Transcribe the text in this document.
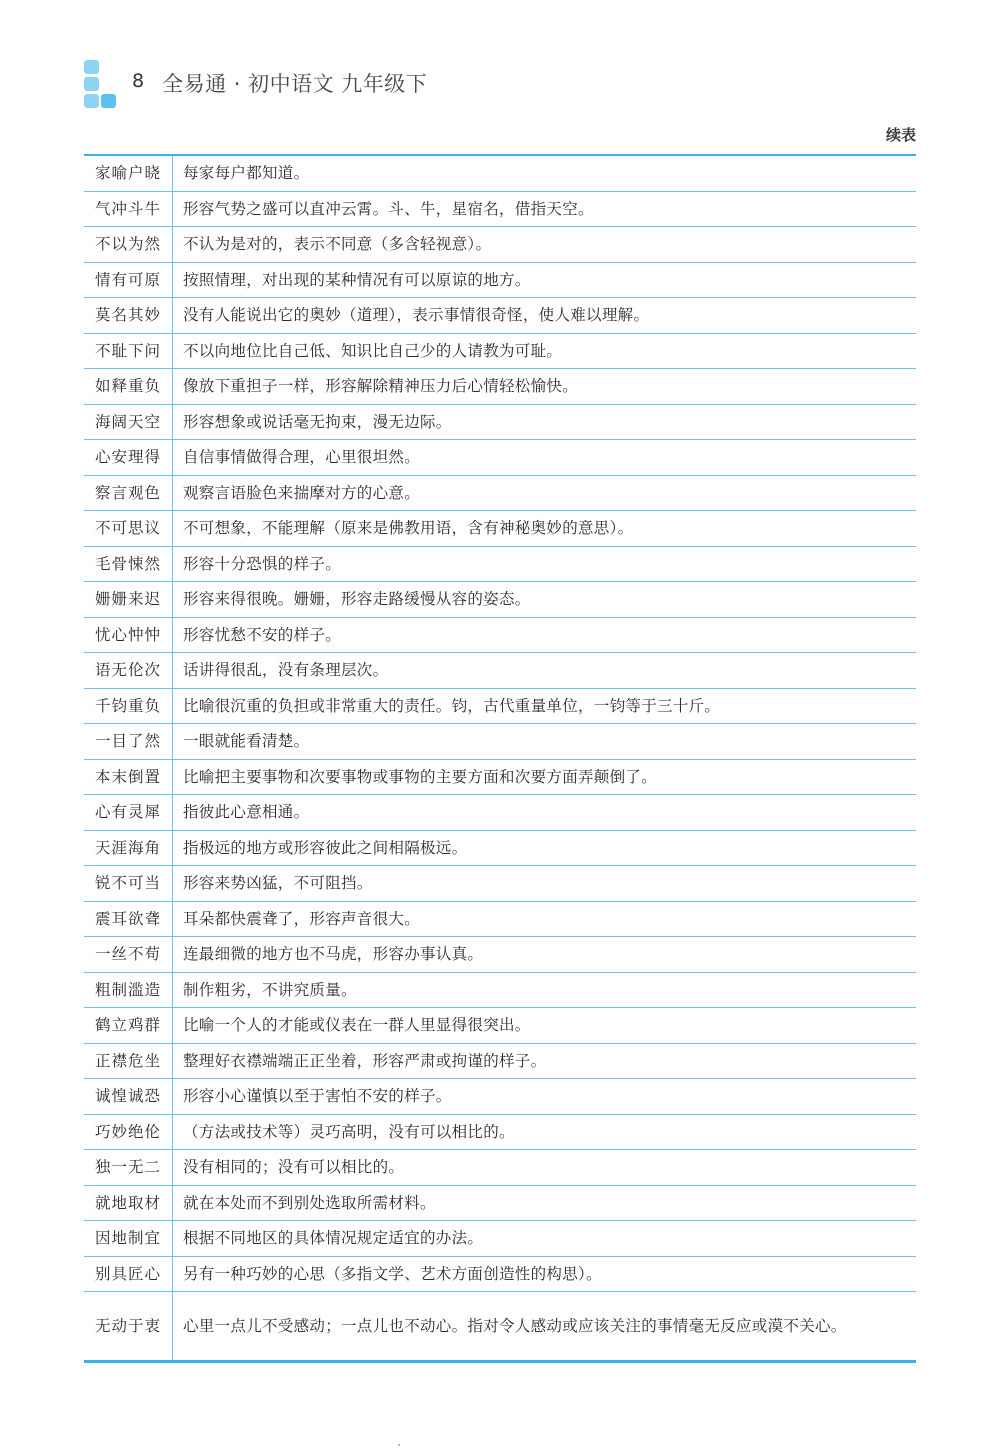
8 全易通 · 初中语文 九年级下
续表
家喻户晓	每家每户都知道。
气冲斗牛	形容气势之盛可以直冲云霄。斗、牛，星宿名，借指天空。
不以为然	不认为是对的，表示不同意（多含轻视意）。
情有可原	按照情理，对出现的某种情况有可以原谅的地方。
莫名其妙	没有人能说出它的奥妙（道理），表示事情很奇怪，使人难以理解。
不耻下问	不以向地位比自己低、知识比自己少的人请教为可耻。
如释重负	像放下重担子一样，形容解除精神压力后心情轻松愉快。
海阔天空	形容想象或说话毫无拘束，漫无边际。
心安理得	自信事情做得合理，心里很坦然。
察言观色	观察言语脸色来揣摩对方的心意。
不可思议	不可想象，不能理解（原来是佛教用语，含有神秘奥妙的意思）。
毛骨悚然	形容十分恐惧的样子。
姗姗来迟	形容来得很晚。姗姗，形容走路缓慢从容的姿态。
忧心忡忡	形容忧愁不安的样子。
语无伦次	话讲得很乱，没有条理层次。
千钧重负	比喻很沉重的负担或非常重大的责任。钧，古代重量单位，一钧等于三十斤。
一目了然	一眼就能看清楚。
本末倒置	比喻把主要事物和次要事物或事物的主要方面和次要方面弄颠倒了。
心有灵犀	指彼此心意相通。
天涯海角	指极远的地方或形容彼此之间相隔极远。
锐不可当	形容来势凶猛，不可阻挡。
震耳欲聋	耳朵都快震聋了，形容声音很大。
一丝不苟	连最细微的地方也不马虎，形容办事认真。
粗制滥造	制作粗劣，不讲究质量。
鹤立鸡群	比喻一个人的才能或仪表在一群人里显得很突出。
正襟危坐	整理好衣襟端端正正坐着，形容严肃或拘谨的样子。
诚惶诚恐	形容小心谨慎以至于害怕不安的样子。
巧妙绝伦	（方法或技术等）灵巧高明，没有可以相比的。
独一无二	没有相同的；没有可以相比的。
就地取材	就在本处而不到别处选取所需材料。
因地制宜	根据不同地区的具体情况规定适宜的办法。
别具匠心	另有一种巧妙的心思（多指文学、艺术方面创造性的构思）。
无动于衷	心里一点儿不受感动；一点儿也不动心。指对令人感动或应该关注的事情毫无反应或漠不关心。
